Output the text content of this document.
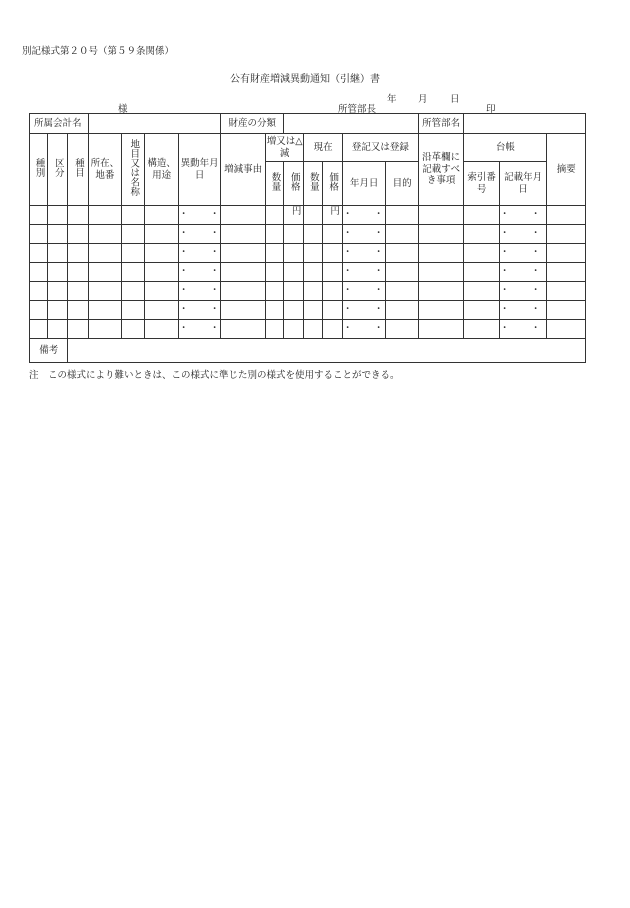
別記様式第２０号（第５９条関係）
公有財産増減異動通知（引継）書
年 月 日
様	所管部長	印
所属会計名							財産の分類							所管部名			
種別	区分	種目	所在、地番	地目又は名称	構造、用途	異動年月日	増減事由	増又は△減		現在		登記又は登録		沿革欄に記載すべき事項	台帳		摘要
								数量	価格	数量	価格	年月日	目的		索引番号	記載年月日	
						・　・			円		円	・　・				・　・	
						・　・						・　・				・　・	
						・　・						・　・				・　・	
						・　・						・　・				・　・	
						・　・						・　・				・　・	
						・　・						・　・				・　・	
						・　・						・　・				・　・	
備考																	
注　この様式により難いときは、この様式に準じた別の様式を使用することができる。
